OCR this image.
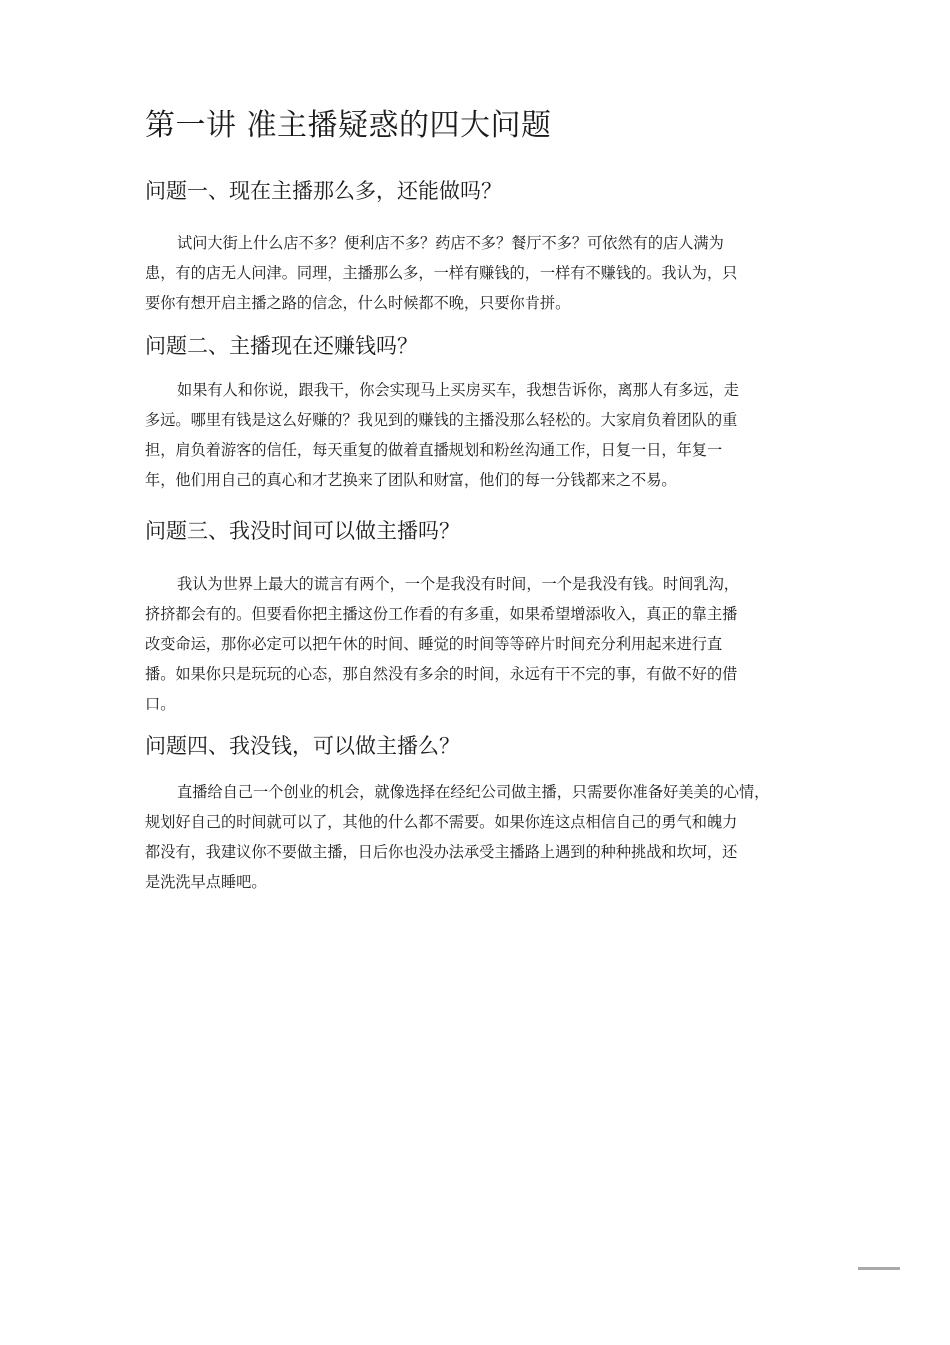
第一讲 准主播疑惑的四大问题
问题一、现在主播那么多，还能做吗？
试问大街上什么店不多？便利店不多？药店不多？餐厅不多？可依然有的店人满为
患，有的店无人问津。同理，主播那么多，一样有赚钱的，一样有不赚钱的。我认为，只
要你有想开启主播之路的信念，什么时候都不晚，只要你肯拼。
问题二、主播现在还赚钱吗？
如果有人和你说，跟我干，你会实现马上买房买车，我想告诉你，离那人有多远，走
多远。哪里有钱是这么好赚的？我见到的赚钱的主播没那么轻松的。大家肩负着团队的重
担，肩负着游客的信任，每天重复的做着直播规划和粉丝沟通工作，日复一日，年复一
年，他们用自己的真心和才艺换来了团队和财富，他们的每一分钱都来之不易。
问题三、我没时间可以做主播吗？
我认为世界上最大的谎言有两个，一个是我没有时间，一个是我没有钱。时间乳沟，
挤挤都会有的。但要看你把主播这份工作看的有多重，如果希望增添收入，真正的靠主播
改变命运，那你必定可以把午休的时间、睡觉的时间等等碎片时间充分利用起来进行直
播。如果你只是玩玩的心态，那自然没有多余的时间，永远有干不完的事，有做不好的借
口。
问题四、我没钱，可以做主播么？
直播给自己一个创业的机会，就像选择在经纪公司做主播，只需要你准备好美美的心情，
规划好自己的时间就可以了，其他的什么都不需要。如果你连这点相信自己的勇气和魄力
都没有，我建议你不要做主播，日后你也没办法承受主播路上遇到的种种挑战和坎坷，还
是洗洗早点睡吧。
